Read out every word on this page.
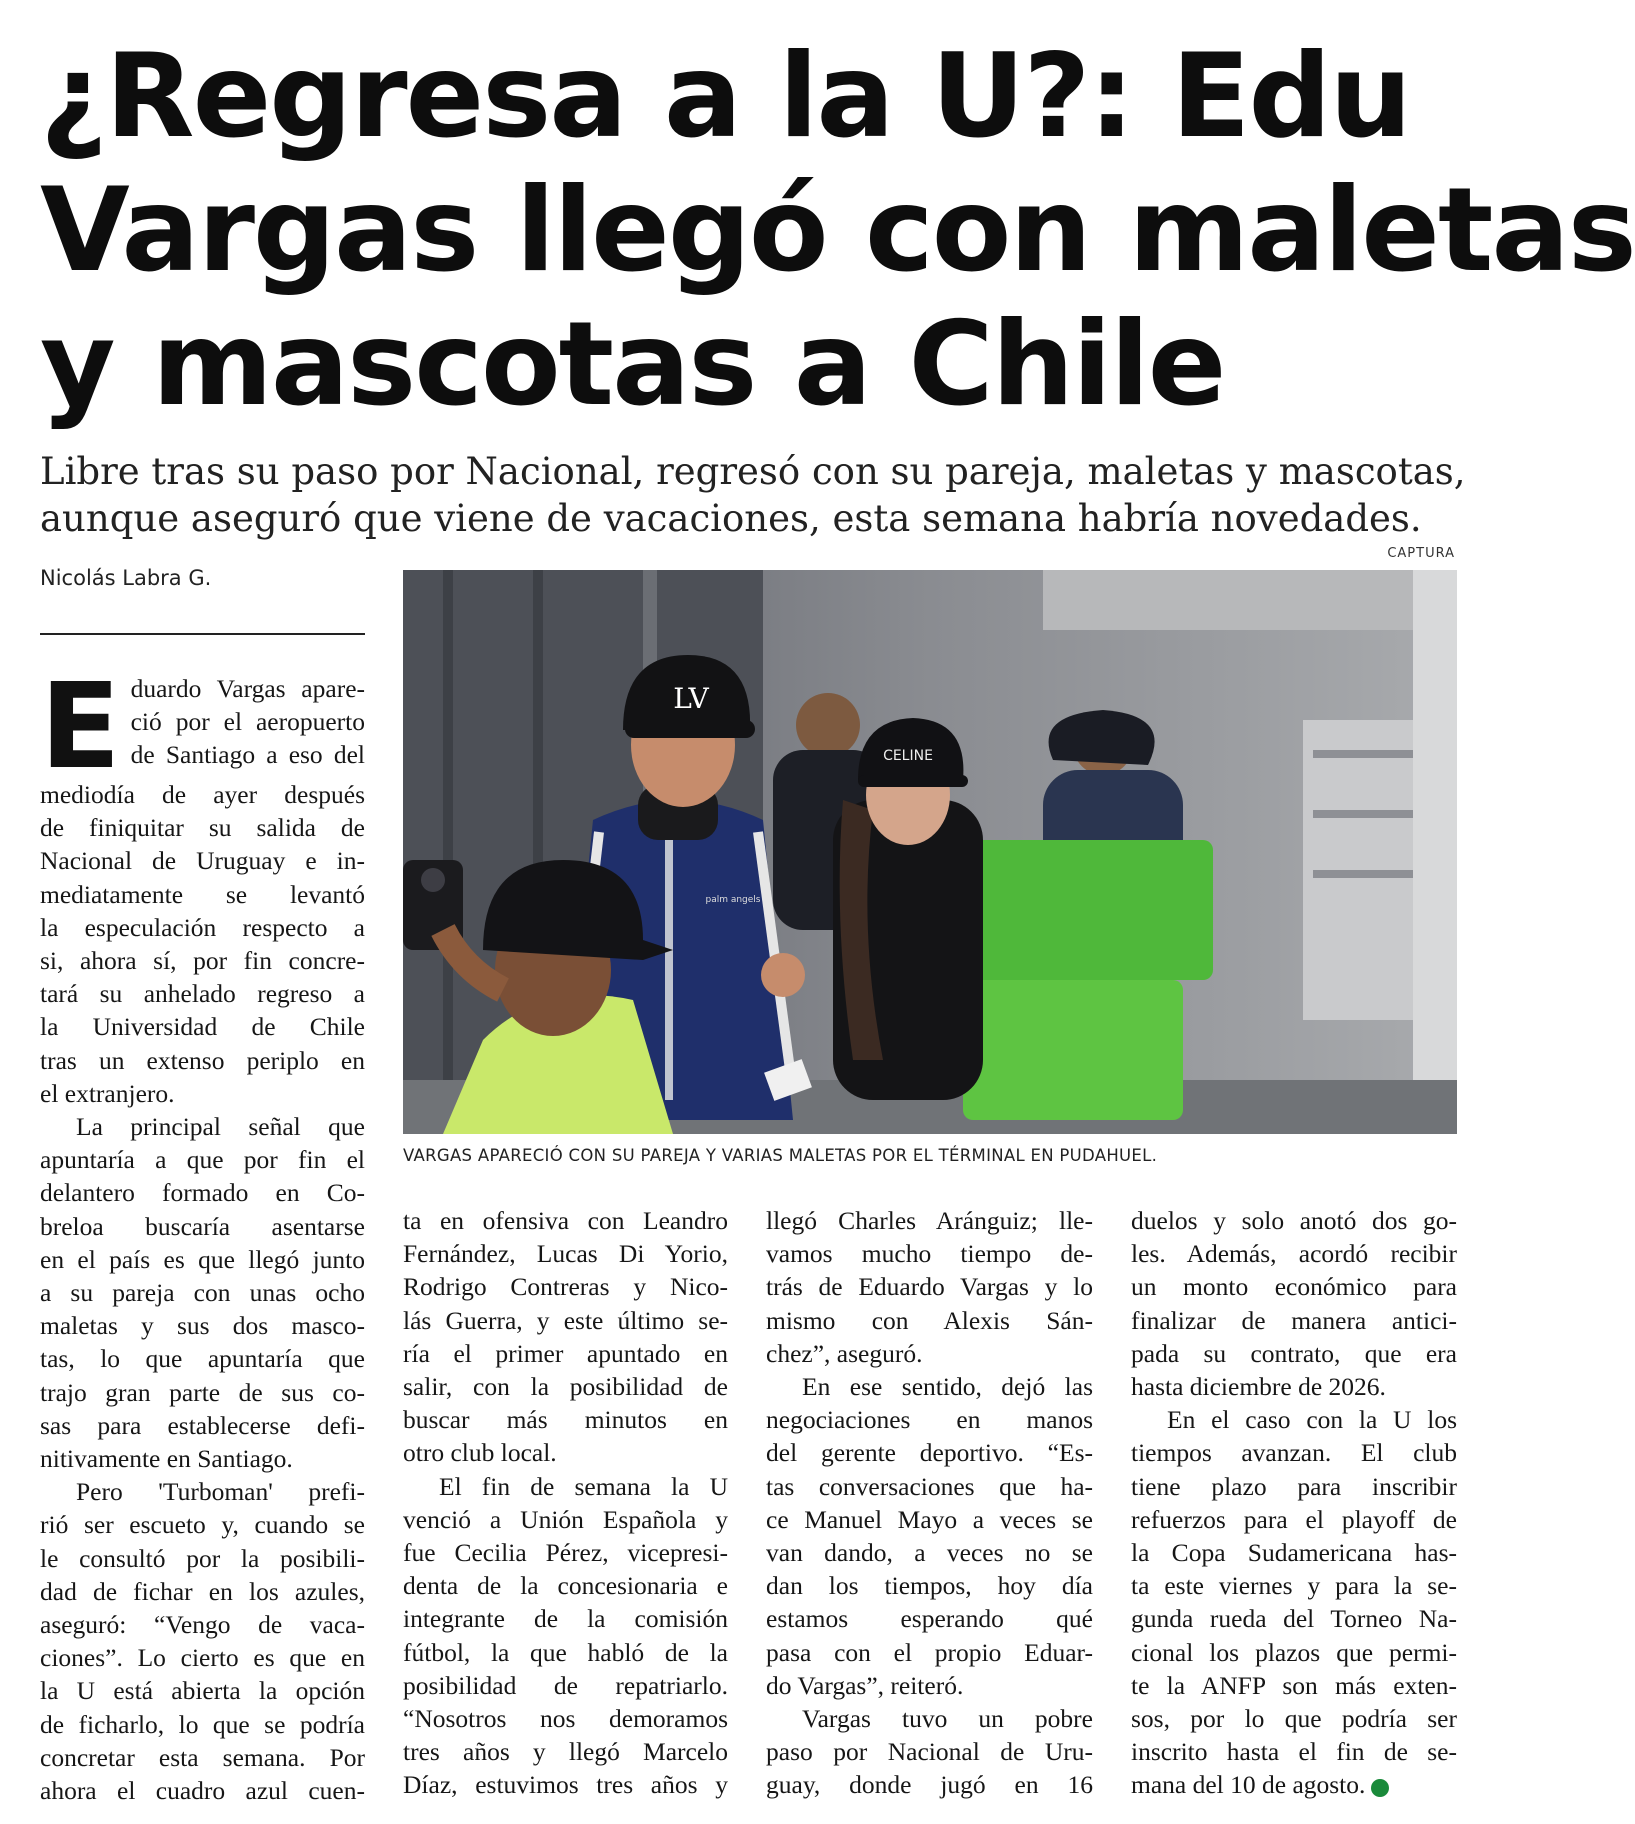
¿Regresa a la U?: Edu
Vargas llegó con maletas
y mascotas a Chile

Libre tras su paso por Nacional, regresó con su pareja, maletas y mascotas,
aunque aseguró que viene de vacaciones, esta semana habría novedades.

Nicolás Labra G.
CAPTURA
CELINE
palm angels
LV
VARGAS APARECIÓ CON SU PAREJA Y VARIAS MALETAS POR EL TÉRMINAL EN PUDAHUEL.
E duardo Vargas apare-
ció por el aeropuerto
de Santiago a eso del
mediodía de ayer después
de finiquitar su salida de
Nacional de Uruguay e in-
mediatamente se levantó
la especulación respecto a
si, ahora sí, por fin concre-
tará su anhelado regreso a
la Universidad de Chile
tras un extenso periplo en
el extranjero.
La principal señal que
apuntaría a que por fin el
delantero formado en Co-
breloa buscaría asentarse
en el país es que llegó junto
a su pareja con unas ocho
maletas y sus dos masco-
tas, lo que apuntaría que
trajo gran parte de sus co-
sas para establecerse defi-
nitivamente en Santiago.
Pero 'Turboman' prefi-
rió ser escueto y, cuando se
le consultó por la posibili-
dad de fichar en los azules,
aseguró: “Vengo de vaca-
ciones”. Lo cierto es que en
la U está abierta la opción
de ficharlo, lo que se podría
concretar esta semana. Por
ahora el cuadro azul cuen-
ta en ofensiva con Leandro
Fernández, Lucas Di Yorio,
Rodrigo Contreras y Nico-
lás Guerra, y este último se-
ría el primer apuntado en
salir, con la posibilidad de
buscar más minutos en
otro club local.
El fin de semana la U
venció a Unión Española y
fue Cecilia Pérez, vicepresi-
denta de la concesionaria e
integrante de la comisión
fútbol, la que habló de la
posibilidad de repatriarlo.
“Nosotros nos demoramos
tres años y llegó Marcelo
Díaz, estuvimos tres años y
llegó Charles Aránguiz; lle-
vamos mucho tiempo de-
trás de Eduardo Vargas y lo
mismo con Alexis Sán-
chez”, aseguró.
En ese sentido, dejó las
negociaciones en manos
del gerente deportivo. “Es-
tas conversaciones que ha-
ce Manuel Mayo a veces se
van dando, a veces no se
dan los tiempos, hoy día
estamos esperando qué
pasa con el propio Eduar-
do Vargas”, reiteró.
Vargas tuvo un pobre
paso por Nacional de Uru-
guay, donde jugó en 16
duelos y solo anotó dos go-
les. Además, acordó recibir
un monto económico para
finalizar de manera antici-
pada su contrato, que era
hasta diciembre de 2026.
En el caso con la U los
tiempos avanzan. El club
tiene plazo para inscribir
refuerzos para el playoff de
la Copa Sudamericana has-
ta este viernes y para la se-
gunda rueda del Torneo Na-
cional los plazos que permi-
te la ANFP son más exten-
sos, por lo que podría ser
inscrito hasta el fin de se-
mana del 10 de agosto.
